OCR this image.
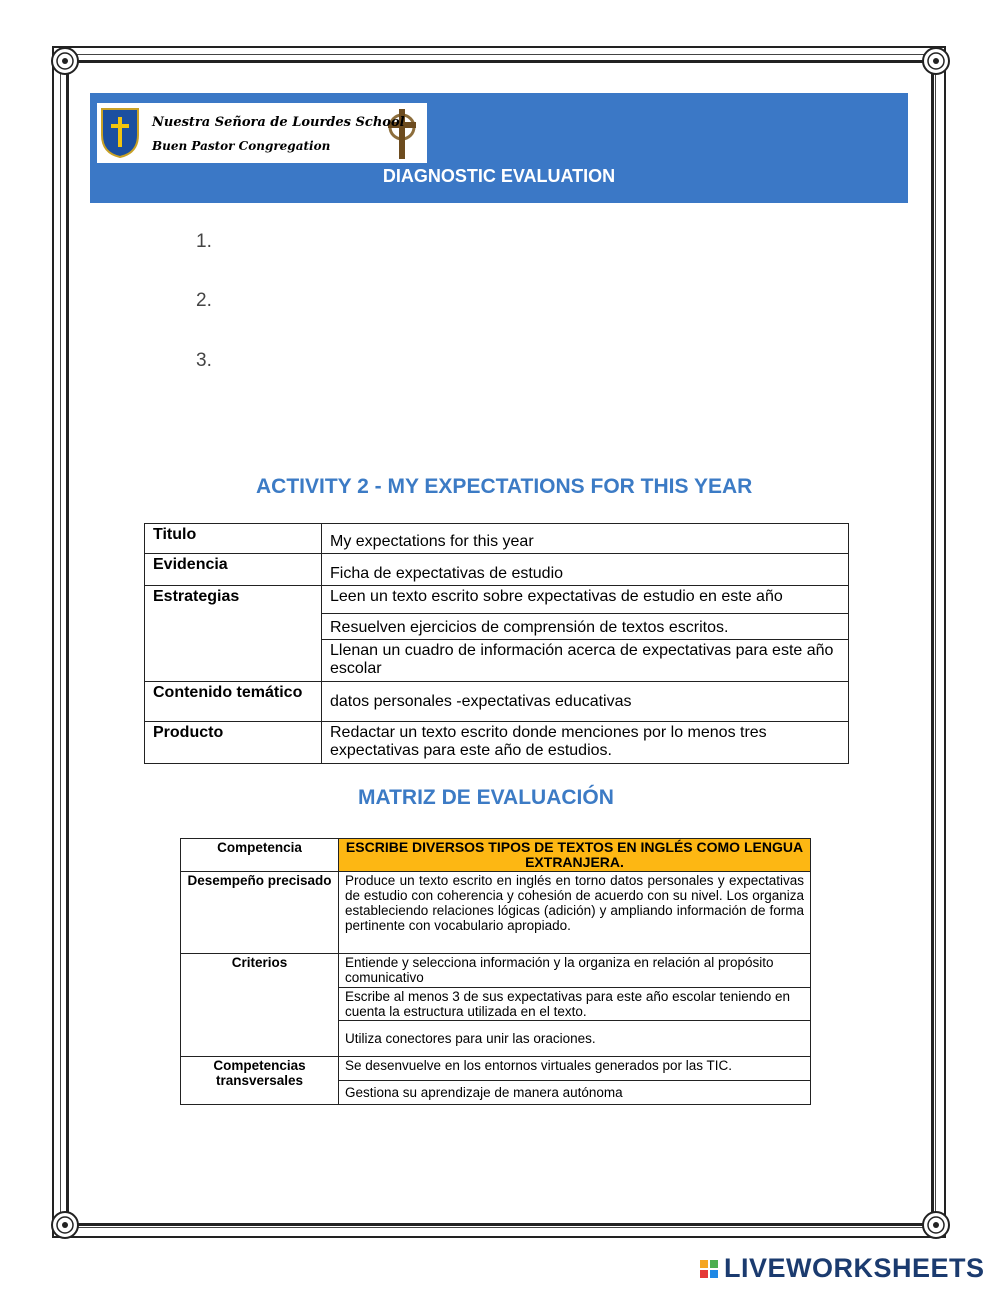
Nuestra Señora de Lourdes School
Buen Pastor Congregation
DIAGNOSTIC EVALUATION
1.
2.
3.
ACTIVITY 2 - MY EXPECTATIONS FOR THIS YEAR
Titulo	My expectations for this year
Evidencia	Ficha de expectativas de estudio
Estrategias	Leen un texto escrito sobre expectativas de estudio en este año
	Resuelven ejercicios de comprensión de textos escritos.
	Llenan un cuadro de información acerca de expectativas para este año escolar
Contenido temático	datos personales -expectativas educativas
Producto	Redactar un texto escrito donde menciones por lo menos tres expectativas para este año de estudios.
MATRIZ DE EVALUACIÓN
Competencia	ESCRIBE DIVERSOS TIPOS DE TEXTOS EN INGLÉS COMO LENGUA EXTRANJERA.
Desempeño precisado	Produce un texto escrito en inglés en torno datos personales y expectativas de estudio con coherencia y cohesión de acuerdo con su nivel. Los organiza estableciendo relaciones lógicas (adición) y ampliando información de forma pertinente con vocabulario apropiado.
Criterios	Entiende y selecciona información y la organiza en relación al propósito comunicativo
	Escribe al menos 3 de sus expectativas para este año escolar teniendo en cuenta la estructura utilizada en el texto.
	Utiliza conectores para unir las oraciones.
Competencias transversales	Se desenvuelve en los entornos virtuales generados por las TIC.
	Gestiona su aprendizaje de manera autónoma
LIVEWORKSHEETS
